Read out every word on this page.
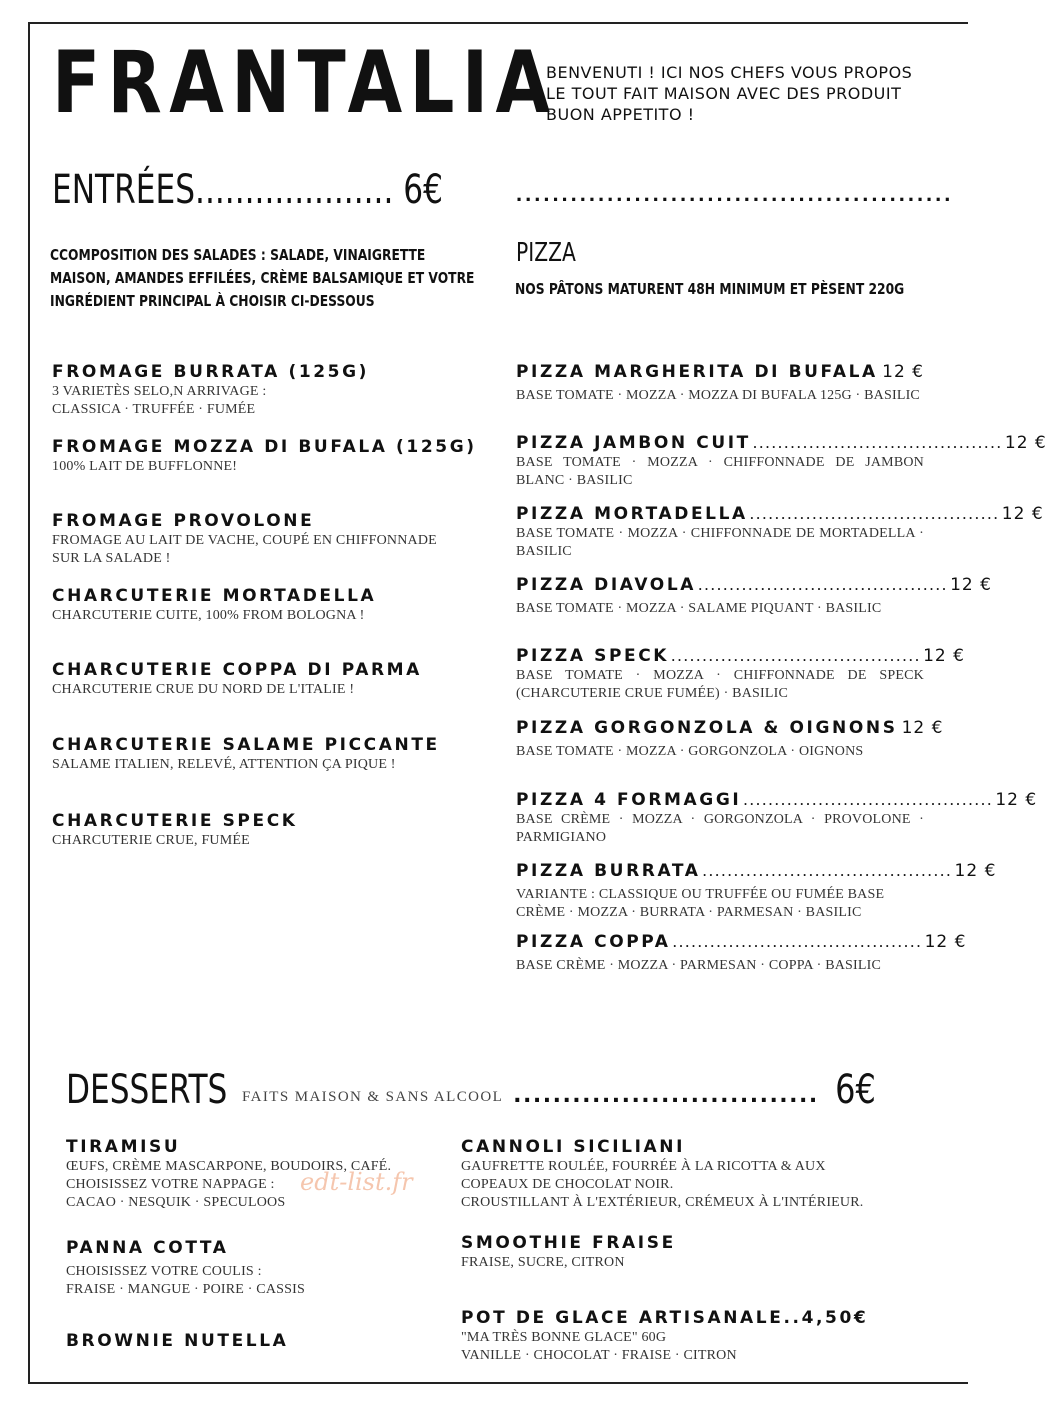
FRANTALIA
BENVENUTI ! ICI NOS CHEFS VOUS PROPOS
LE TOUT FAIT MAISON AVEC DES PRODUIT
BUON APPETITO !
ENTRÉES.................... 6€	................................................
CCOMPOSITION DES SALADES : SALADE, VINAIGRETTE MAISON, AMANDES EFFILÉES, CRÈME BALSAMIQUE ET VOTRE INGRÉDIENT PRINCIPAL À CHOISIR CI-DESSOUS
FROMAGE BURRATA (125G)
3 VARIETÈS SELO,N ARRIVAGE :
CLASSICA · TRUFFÉE · FUMÉE
FROMAGE MOZZA DI BUFALA (125G)
100% LAIT DE BUFFLONNE!
FROMAGE PROVOLONE
FROMAGE AU LAIT DE VACHE, COUPÉ EN CHIFFONNADE
SUR LA SALADE !
CHARCUTERIE MORTADELLA
CHARCUTERIE CUITE, 100% FROM BOLOGNA !
CHARCUTERIE COPPA DI PARMA
CHARCUTERIE CRUE DU NORD DE L'ITALIE !
CHARCUTERIE SALAME PICCANTE
SALAME ITALIEN, RELEVÉ, ATTENTION ÇA PIQUE !
CHARCUTERIE SPECK
CHARCUTERIE CRUE, FUMÉE
PIZZA
NOS PÂTONS MATURENT 48H MINIMUM ET PÈSENT 220G
PIZZA MARGHERITA DI BUFALA 12 €
BASE TOMATE · MOZZA · MOZZA DI BUFALA 125G · BASILIC
PIZZA JAMBON CUIT ........................................ 12 €
BASE TOMATE · MOZZA · CHIFFONNADE DE JAMBON BLANC · BASILIC
PIZZA MORTADELLA ........................................ 12 €
BASE TOMATE · MOZZA · CHIFFONNADE DE MORTADELLA · BASILIC
PIZZA DIAVOLA ........................................ 12 €
BASE TOMATE · MOZZA · SALAME PIQUANT · BASILIC
PIZZA SPECK ........................................ 12 €
BASE TOMATE · MOZZA · CHIFFONNADE DE SPECK (CHARCUTERIE CRUE FUMÉE) · BASILIC
PIZZA GORGONZOLA & OIGNONS 12 €
BASE TOMATE · MOZZA · GORGONZOLA · OIGNONS
PIZZA 4 FORMAGGI ........................................ 12 €
BASE CRÈME · MOZZA · GORGONZOLA · PROVOLONE · PARMIGIANO
PIZZA BURRATA ........................................ 12 €
VARIANTE : CLASSIQUE OU TRUFFÉE OU FUMÉE BASE CRÈME · MOZZA · BURRATA · PARMESAN · BASILIC
PIZZA COPPA ........................................ 12 €
BASE CRÈME · MOZZA · PARMESAN · COPPA · BASILIC
DESSERTS FAITS MAISON & SANS ALCOOL ............................... 6€
TIRAMISU
ŒUFS, CRÈME MASCARPONE, BOUDOIRS, CAFÉ.
CHOISISSEZ VOTRE NAPPAGE :
CACAO · NESQUIK · SPECULOOS
PANNA COTTA
CHOISISSEZ VOTRE COULIS :
FRAISE · MANGUE · POIRE · CASSIS
BROWNIE NUTELLA
CANNOLI SICILIANI
GAUFRETTE ROULÉE, FOURRÉE À LA RICOTTA & AUX
COPEAUX DE CHOCOLAT NOIR.
CROUSTILLANT À L'EXTÉRIEUR, CRÉMEUX À L'INTÉRIEUR.
SMOOTHIE FRAISE
FRAISE, SUCRE, CITRON
POT DE GLACE ARTISANALE..4,50€
"MA TRÈS BONNE GLACE" 60G
VANILLE · CHOCOLAT · FRAISE · CITRON
edt-list.fr
